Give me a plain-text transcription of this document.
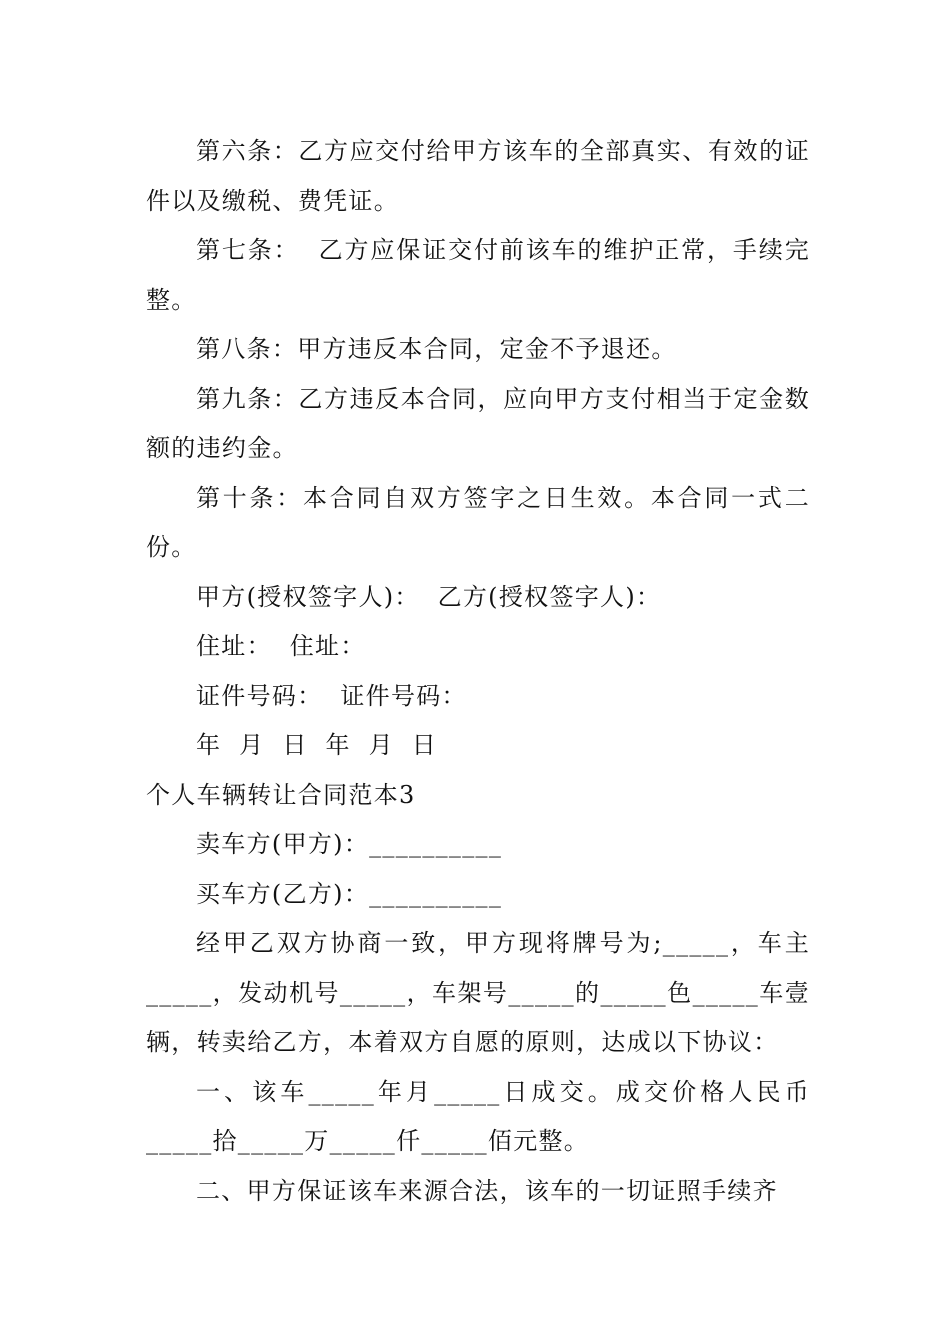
第六条：乙方应交付给甲方该车的全部真实、有效的证件以及缴税、费凭证。

第七条：  乙方应保证交付前该车的维护正常，手续完整。

第八条：甲方违反本合同，定金不予退还。

第九条：乙方违反本合同，应向甲方支付相当于定金数额的违约金。

第十条：本合同自双方签字之日生效。本合同一式二份。

甲方(授权签字人)：  乙方(授权签字人)：

住址：  住址：

证件号码：  证件号码：

年  月  日  年  月  日

个人车辆转让合同范本3

卖车方(甲方)：__________

买车方(乙方)：__________

经甲乙双方协商一致，甲方现将牌号为;_____，车主_____，发动机号_____，车架号_____的_____色_____车壹辆，转卖给乙方，本着双方自愿的原则，达成以下协议：

一、该车_____年月_____日成交。成交价格人民币_____拾_____万_____仟_____佰元整。

二、甲方保证该车来源合法，该车的一切证照手续齐
